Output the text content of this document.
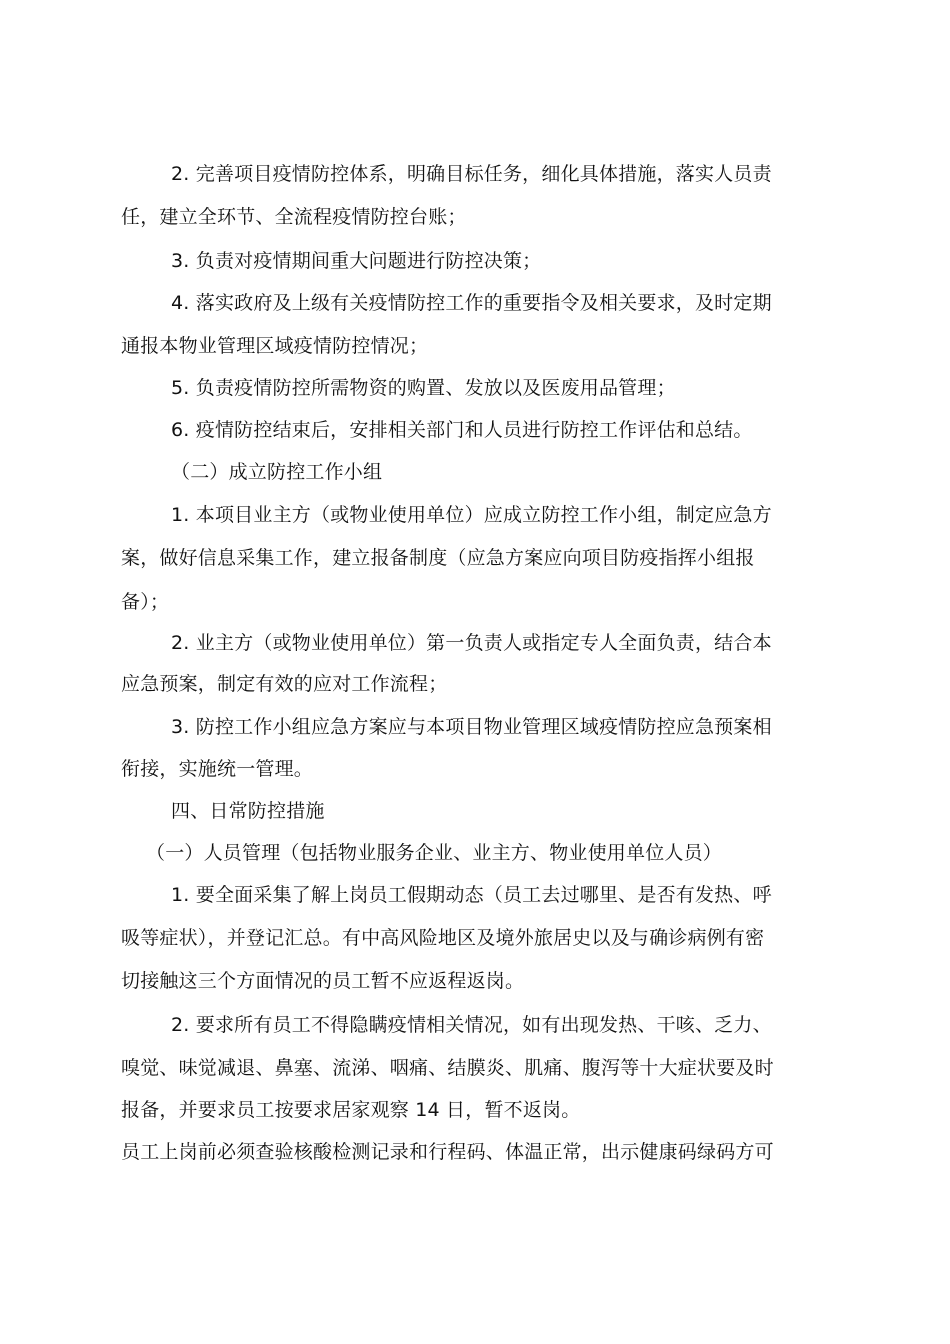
2. 完善项目疫情防控体系，明确目标任务，细化具体措施，落实人员责
任，建立全环节、全流程疫情防控台账；
3. 负责对疫情期间重大问题进行防控决策；
4. 落实政府及上级有关疫情防控工作的重要指令及相关要求，及时定期
通报本物业管理区域疫情防控情况；
5. 负责疫情防控所需物资的购置、发放以及医废用品管理；
6. 疫情防控结束后，安排相关部门和人员进行防控工作评估和总结。
（二）成立防控工作小组
1. 本项目业主方（或物业使用单位）应成立防控工作小组，制定应急方
案，做好信息采集工作，建立报备制度（应急方案应向项目防疫指挥小组报
备）；
2. 业主方（或物业使用单位）第一负责人或指定专人全面负责，结合本
应急预案，制定有效的应对工作流程；
3. 防控工作小组应急方案应与本项目物业管理区域疫情防控应急预案相
衔接，实施统一管理。
四、日常防控措施
（一）人员管理（包括物业服务企业、业主方、物业使用单位人员）
1. 要全面采集了解上岗员工假期动态（员工去过哪里、是否有发热、呼
吸等症状），并登记汇总。有中高风险地区及境外旅居史以及与确诊病例有密
切接触这三个方面情况的员工暂不应返程返岗。
2. 要求所有员工不得隐瞒疫情相关情况，如有出现发热、干咳、乏力、
嗅觉、味觉减退、鼻塞、流涕、咽痛、结膜炎、肌痛、腹泻等十大症状要及时
报备，并要求员工按要求居家观察 14 日，暂不返岗。
员工上岗前必须查验核酸检测记录和行程码、体温正常，出示健康码绿码方可
